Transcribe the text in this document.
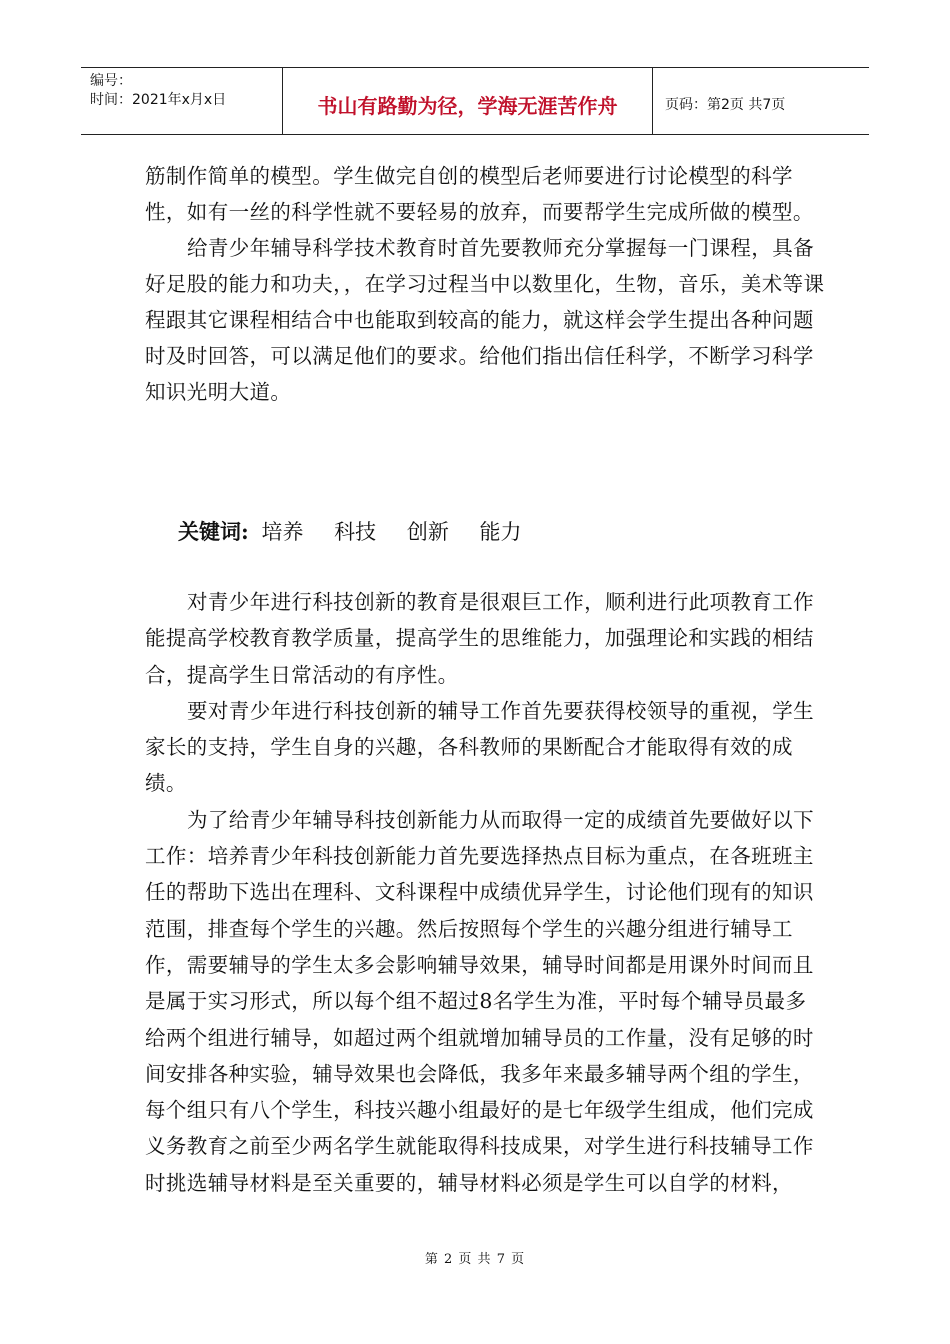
编号：
时间：2021年x月x日	书山有路勤为径，学海无涯苦作舟	页码：第2页 共7页

筋制作简单的模型。学生做完自创的模型后老师要进行讨论模型的科学性，如有一丝的科学性就不要轻易的放弃，而要帮学生完成所做的模型。

给青少年辅导科学技术教育时首先要教师充分掌握每一门课程，具备好足股的能力和功夫，，在学习过程当中以数里化，生物，音乐，美术等课程跟其它课程相结合中也能取到较高的能力，就这样会学生提出各种问题时及时回答，可以满足他们的要求。给他们指出信任科学，不断学习科学知识光明大道。

关键词: 培养 科技 创新 能力

对青少年进行科技创新的教育是很艰巨工作，顺利进行此项教育工作能提高学校教育教学质量，提高学生的思维能力，加强理论和实践的相结合，提高学生日常活动的有序性。

要对青少年进行科技创新的辅导工作首先要获得校领导的重视，学生家长的支持，学生自身的兴趣，各科教师的果断配合才能取得有效的成绩。

为了给青少年辅导科技创新能力从而取得一定的成绩首先要做好以下工作：培养青少年科技创新能力首先要选择热点目标为重点，在各班班主任的帮助下选出在理科、文科课程中成绩优异学生，讨论他们现有的知识范围，排查每个学生的兴趣。然后按照每个学生的兴趣分组进行辅导工作，需要辅导的学生太多会影响辅导效果，辅导时间都是用课外时间而且是属于实习形式，所以每个组不超过8名学生为准，平时每个辅导员最多给两个组进行辅导，如超过两个组就增加辅导员的工作量，没有足够的时间安排各种实验，辅导效果也会降低，我多年来最多辅导两个组的学生，每个组只有八个学生，科技兴趣小组最好的是七年级学生组成，他们完成义务教育之前至少两名学生就能取得科技成果，对学生进行科技辅导工作时挑选辅导材料是至关重要的，辅导材料必须是学生可以自学的材料，

第 2 页 共 7 页
